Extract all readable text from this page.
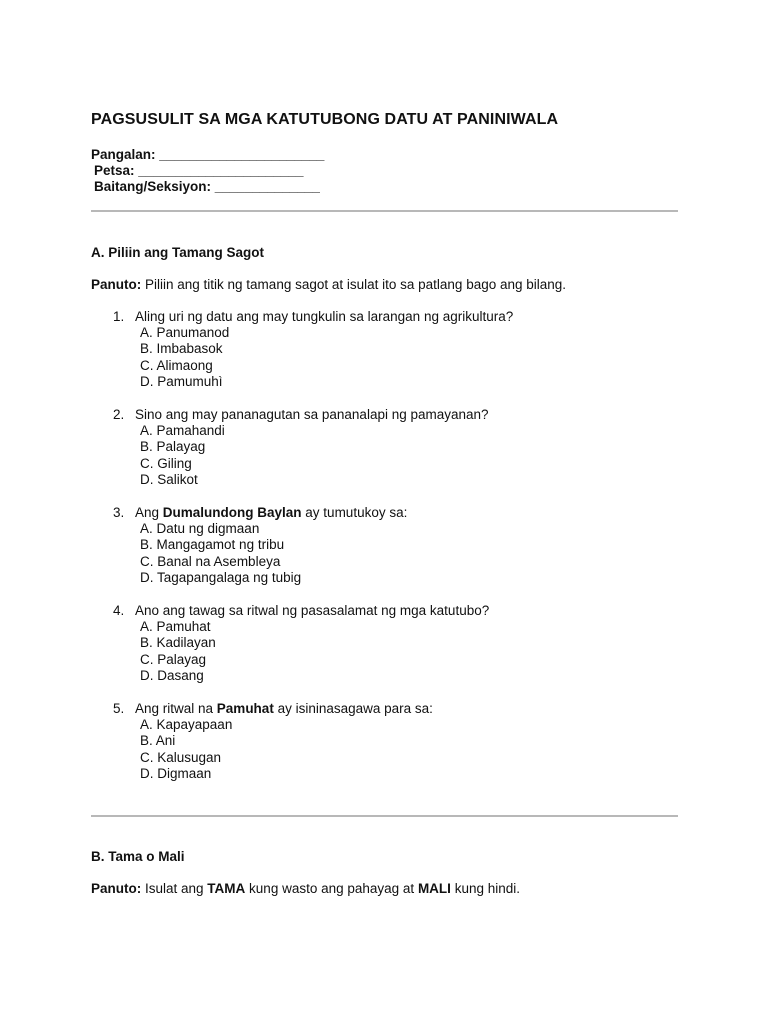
PAGSUSULIT SA MGA KATUTUBONG DATU AT PANINIWALA
Pangalan: ______________________
Petsa: ______________________
Baitang/Seksiyon: ______________
A. Piliin ang Tamang Sagot
Panuto: Piliin ang titik ng tamang sagot at isulat ito sa patlang bago ang bilang.
1. Aling uri ng datu ang may tungkulin sa larangan ng agrikultura?
A. Panumanod
B. Imbabasok
C. Alimaong
D. Pamumuhì
2. Sino ang may pananagutan sa pananalapi ng pamayanan?
A. Pamahandi
B. Palayag
C. Giling
D. Salikot
3. Ang Dumalundong Baylan ay tumutukoy sa:
A. Datu ng digmaan
B. Mangagamot ng tribu
C. Banal na Asembleya
D. Tagapangalaga ng tubig
4. Ano ang tawag sa ritwal ng pasasalamat ng mga katutubo?
A. Pamuhat
B. Kadilayan
C. Palayag
D. Dasang
5. Ang ritwal na Pamuhat ay isininasagawa para sa:
A. Kapayapaan
B. Ani
C. Kalusugan
D. Digmaan
B. Tama o Mali
Panuto: Isulat ang TAMA kung wasto ang pahayag at MALI kung hindi.
